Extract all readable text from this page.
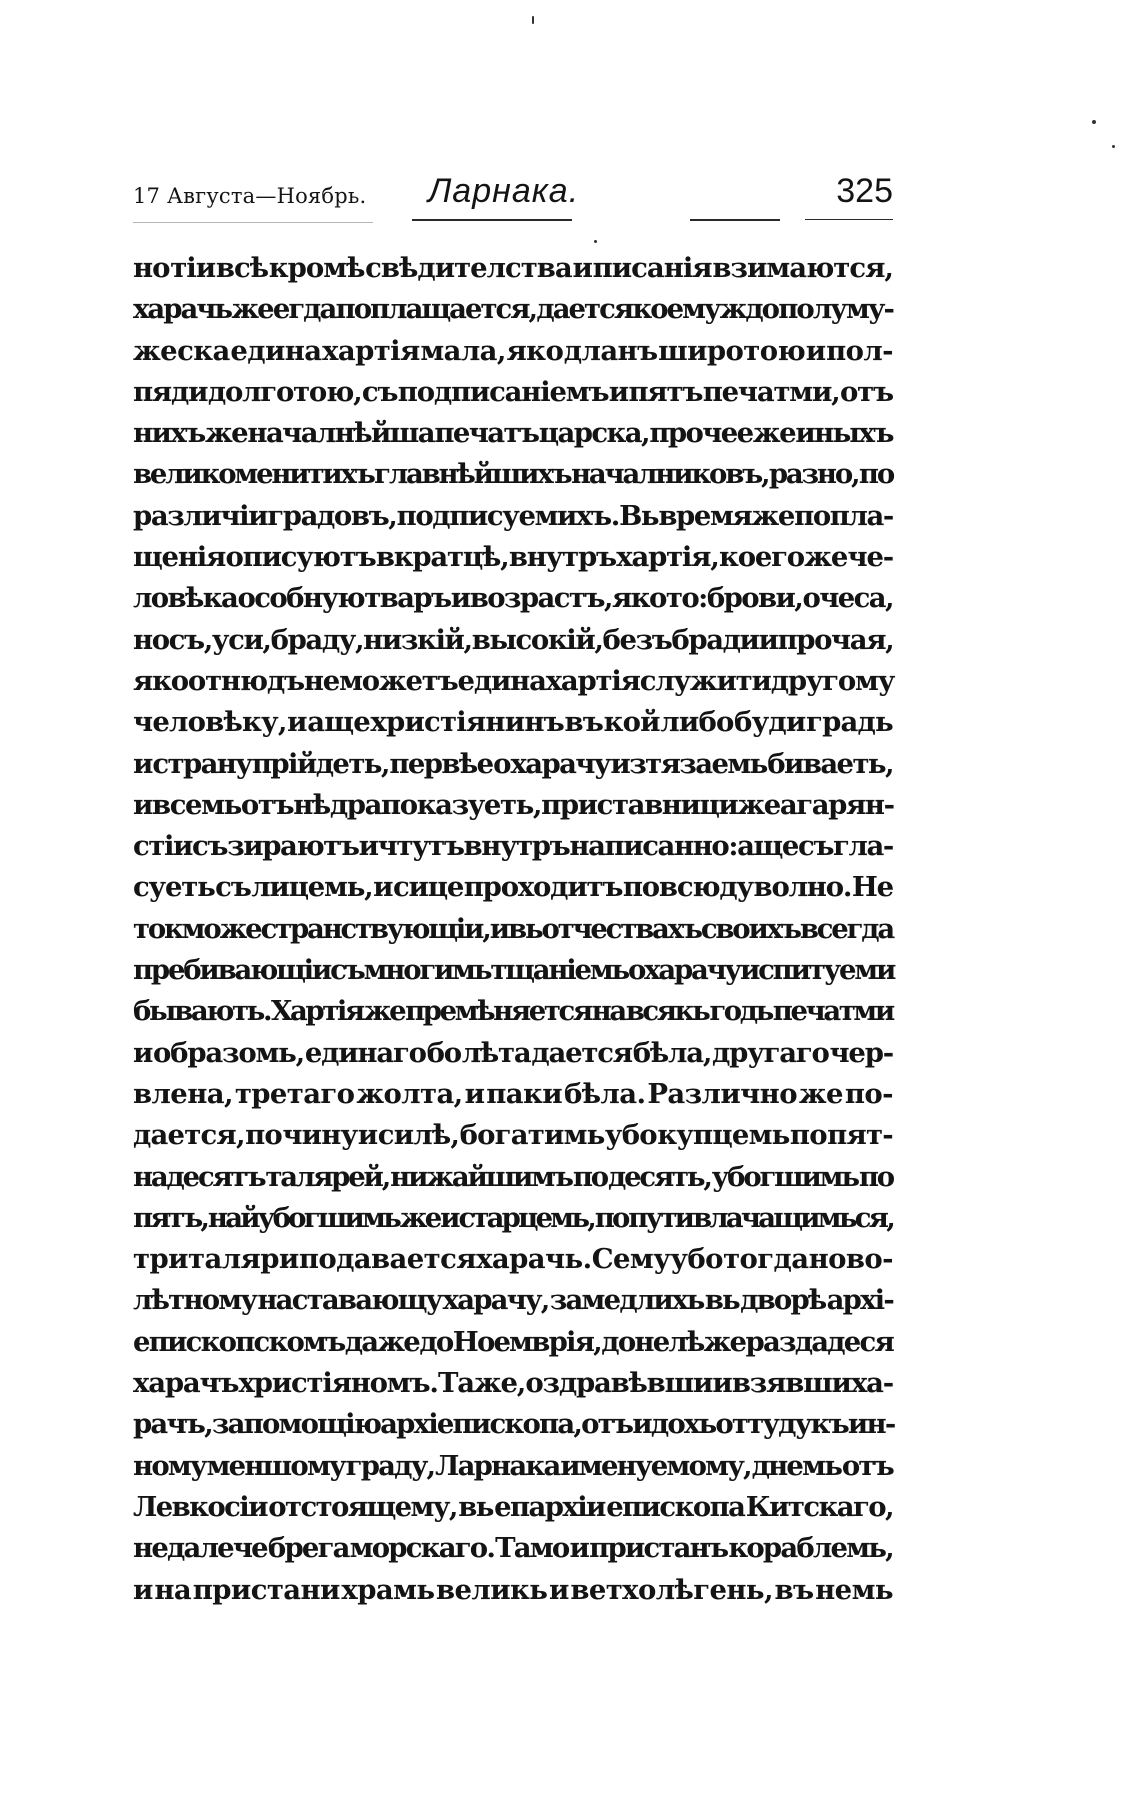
17 Августа—Ноябрь. Ларнака.	325
но тіи всѣ кромѣ свѣдителства и писанія взимаются,
харачь же егда поплащается, дается коемуждо полу му-
жеска едина хартія мала, яко дланъ широтою и пол-
пяди долготою, съ подписаніемъ и пятъ печатми, отъ
нихъ же началнѣйша печатъ царска, прочее же иныхъ
великоменитихъ главнѣйшихъ началниковъ, разно, по
различіи градовъ, подписуемихъ. Вь время же попла-
щенія описуютъ вкратцѣ, внутръ хартія, коего же че-
ловѣка особную тваръ и возрастъ, яко то: брови, очеса,
носъ, уси, браду, низкій, высокій, безъ бради и прочая,
яко отнюдъ не можетъ едина хартія служити другому
человѣку, и аще христіянинъ въ кой либо буди градь
и страну прійдеть, первѣе о харачу изтязаемь биваеть,
и всемь отъ нѣдра показуеть, приставници же агарян-
стіи съзираютъ и чтутъ внутръ написанно: аще съгла-
суеть съ лицемь, и сице проходитъ повсюду волно. Не
токмо же странствующіи, и вь отчествахъ своихъ всегда
пребивающіи съ многимь тщаніемь о харачу испитуеми
бывають. Хартія же премѣняется на всякь годь печатми
и образомь, единаго бо лѣта дается бѣла, другаго чер-
влена, третаго жолта, и паки бѣла. Различно же по-
дается, по чину и силѣ, богатимь убо купцемь по пят-
надесятъ талярей, нижайшимъ по десять, убогшимь по
пятъ, найубогшимь же и старцемь, по пути влачащимься,
три таляри подавается харачь. Сему убо тогда ново-
лѣтному наставающу харачу, замедлихь вь дворѣ архі-
епископскомъ даже до Ноемврія, донелѣже раздадеся
харачъ христіяномъ. Таже, оздравѣвши и взявши ха-
рачъ, за помощію архіепископа, отъидохь оттуду къ ин-
ному меншому граду, Ларнака именуемому, днемь отъ
Левкосіи отстоящему, вь епархіи епископа Китскаго,
недалече брега морскаго. Тамо и пристанъ кораблемь,
и на пристани храмь великь и ветхолѣгень, въ немь
